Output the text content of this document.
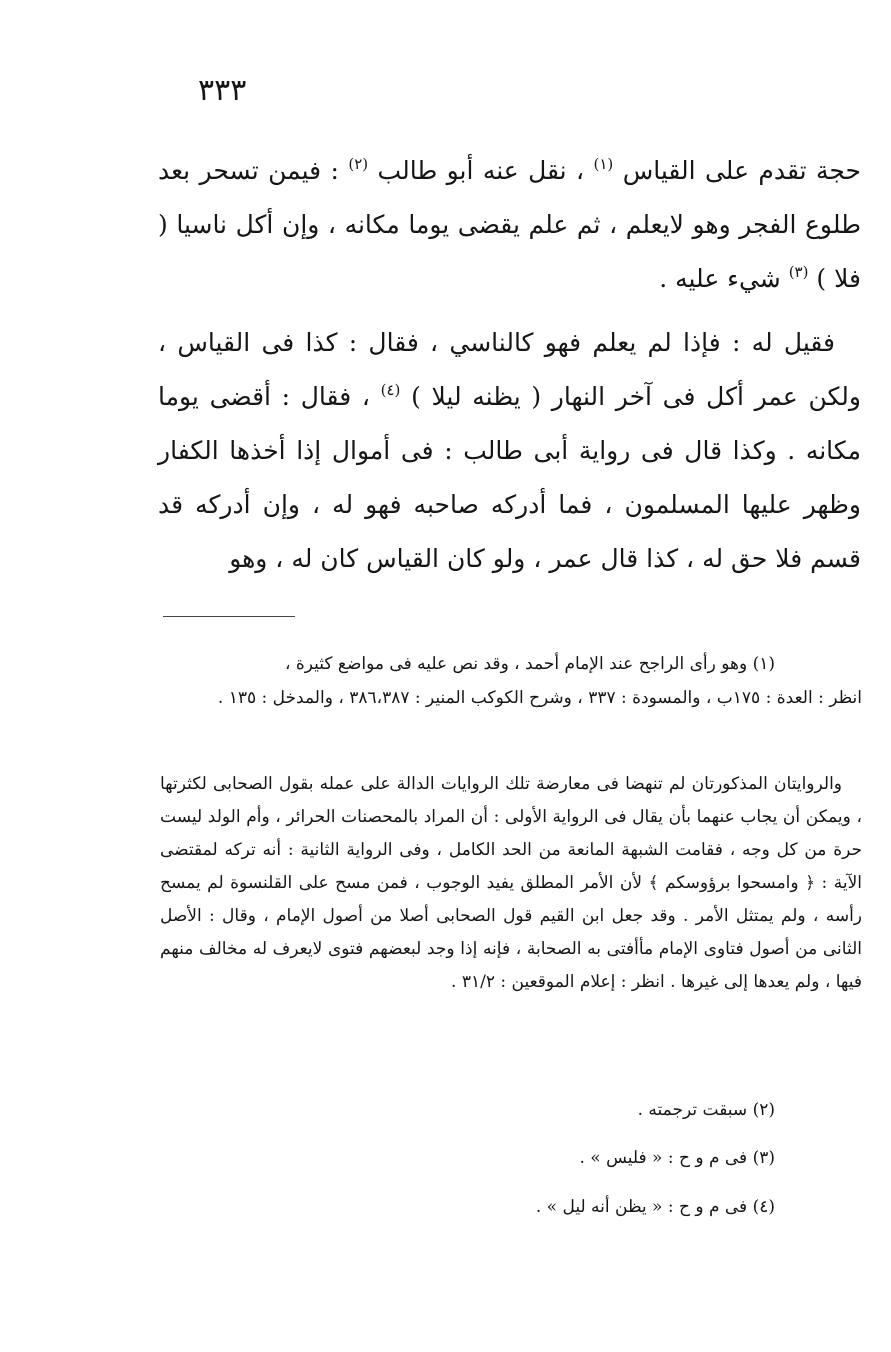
٣٣٣
حجة تقدم على القياس $^{(١)}$ ، نقل عنه أبو طالب $^{(٢)}$ : فيمن تسحر بعد طلوع الفجر وهو لايعلم ، ثم علم يقضى يوما مكانه ، وإن أكل ناسيا ( فلا ) $^{(٣)}$ شيء عليه .
فقيل له : فإذا لم يعلم فهو كالناسي ، فقال : كذا فى القياس ، ولكن عمر أكل فى آخر النهار ( يظنه ليلا ) $^{(٤)}$ ، فقال : أقضى يوما مكانه . وكذا قال فى رواية أبى طالب : فى أموال إذا أخذها الكفار وظهر عليها المسلمون ، فما أدركه صاحبه فهو له ، وإن أدركه قد قسم فلا حق له ، كذا قال عمر ، ولو كان القياس كان له ، وهو
(١) وهو رأى الراجح عند الإمام أحمد ، وقد نص عليه فى مواضع كثيرة ،
انظر : العدة : ١٧٥ب ، والمسودة : ٣٣٧ ، وشرح الكوكب المنير : ٣٨٦،٣٨٧ ، والمدخل : ١٣٥ .
والروايتان المذكورتان لم تنهضا فى معارضة تلك الروايات الدالة على عمله بقول الصحابى لكثرتها ، ويمكن أن يجاب عنهما بأن يقال فى الرواية الأولى : أن المراد بالمحصنات الحرائر ، وأم الولد ليست حرة من كل وجه ، فقامت الشبهة المانعة من الحد الكامل ، وفى الرواية الثانية : أنه تركه لمقتضى الآية : ﴿ وامسحوا برؤوسكم ﴾ لأن الأمر المطلق يفيد الوجوب ، فمن مسح على القلنسوة لم يمسح رأسه ، ولم يمتثل الأمر . وقد جعل ابن القيم قول الصحابى أصلا من أصول الإمام ، وقال : الأصل الثانى من أصول فتاوى الإمام مأأفتى به الصحابة ، فإنه إذا وجد لبعضهم فتوى لايعرف له مخالف منهم فيها ، ولم يعدها إلى غيرها . انظر : إعلام الموقعين : ٣١/٢ .
(٢) سبقت ترجمته .
(٣) فى م و ح : « فليس » .
(٤) فى م و ح : « يظن أنه ليل » .
